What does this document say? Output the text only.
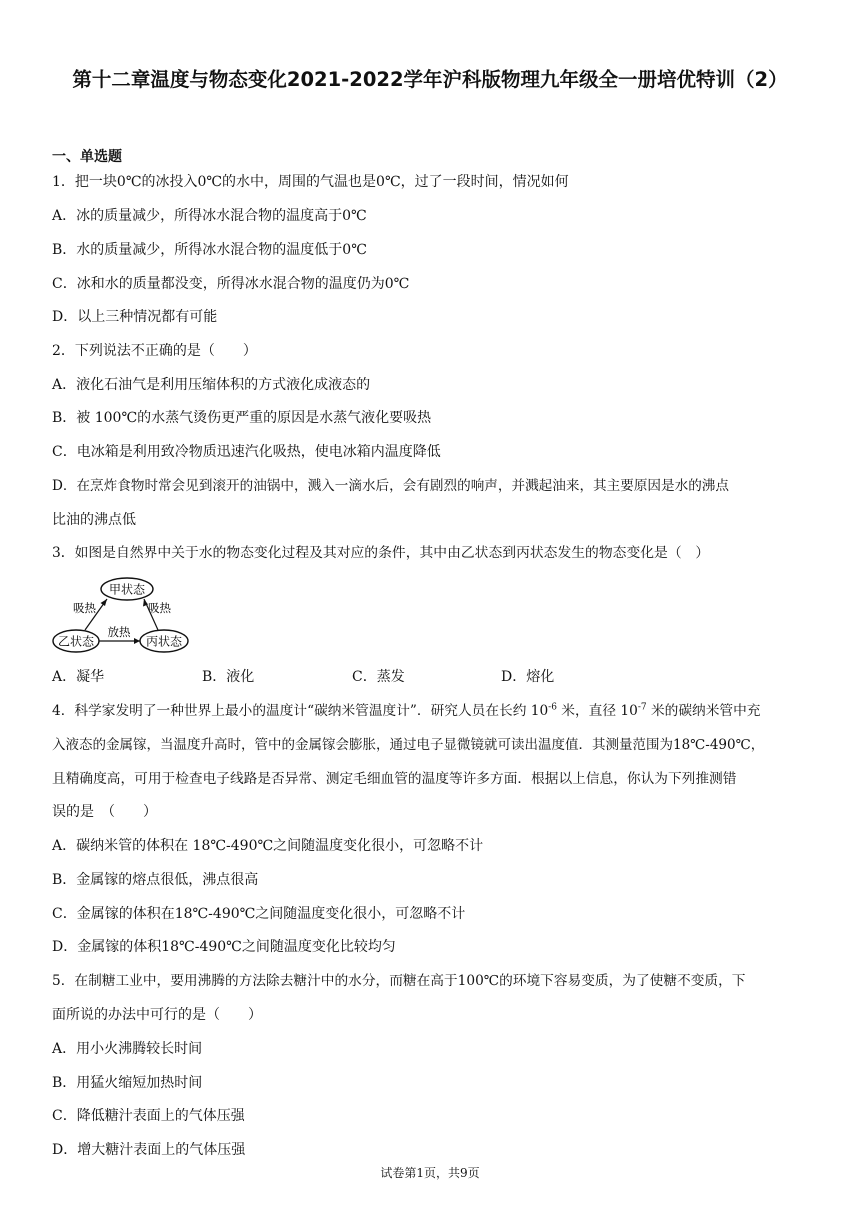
第十二章温度与物态变化2021-2022学年沪科版物理九年级全一册培优特训（2）
一、单选题
1．把一块0℃的冰投入0℃的水中，周围的气温也是0℃，过了一段时间，情况如何
A．冰的质量减少，所得冰水混合物的温度高于0℃
B．水的质量减少，所得冰水混合物的温度低于0℃
C．冰和水的质量都没变，所得冰水混合物的温度仍为0℃
D．以上三种情况都有可能
2．下列说法不正确的是（　　）
A．液化石油气是利用压缩体积的方式液化成液态的
B．被 100℃的水蒸气烫伤更严重的原因是水蒸气液化要吸热
C．电冰箱是利用致冷物质迅速汽化吸热，使电冰箱内温度降低
D．在烹炸食物时常会见到滚开的油锅中，溅入一滴水后，会有剧烈的响声，并溅起油来，其主要原因是水的沸点
比油的沸点低
3．如图是自然界中关于水的物态变化过程及其对应的条件，其中由乙状态到丙状态发生的物态变化是（　）
甲状态
乙状态	丙状态
吸热	吸热
放热
A．凝华	B．液化	C．蒸发	D．熔化
4．科学家发明了一种世界上最小的温度计“碳纳米管温度计”．研究人员在长约 $10^{-6}$ 米，直径 $10^{-7}$ 米的碳纳米管中充
入液态的金属镓，当温度升高时，管中的金属镓会膨胀，通过电子显微镜就可读出温度值．其测量范围为18℃-490℃，
且精确度高，可用于检查电子线路是否异常、测定毛细血管的温度等许多方面．根据以上信息，你认为下列推测错
误的是　（　　）
A．碳纳米管的体积在 18℃-490℃之间随温度变化很小，可忽略不计
B．金属镓的熔点很低，沸点很高
C．金属镓的体积在18℃-490℃之间随温度变化很小，可忽略不计
D．金属镓的体积18℃-490℃之间随温度变化比较均匀
5．在制糖工业中，要用沸腾的方法除去糖汁中的水分，而糖在高于100℃的环境下容易变质，为了使糖不变质，下
面所说的办法中可行的是（　　）
A．用小火沸腾较长时间
B．用猛火缩短加热时间
C．降低糖汁表面上的气体压强
D．增大糖汁表面上的气体压强
试卷第1页，共9页
